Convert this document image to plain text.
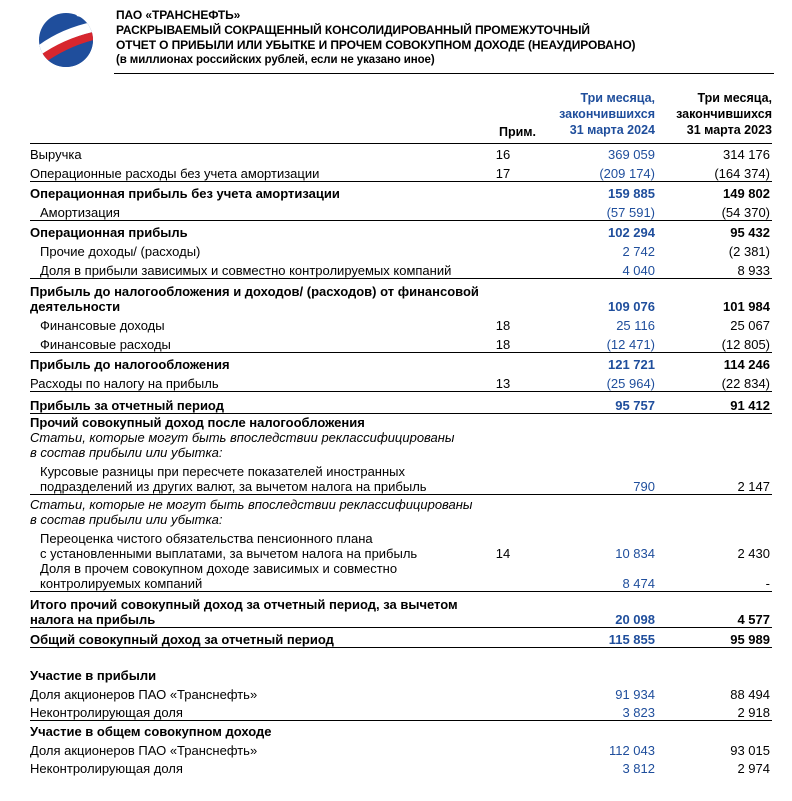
ПАО «ТРАНСНЕФТЬ»
РАСКРЫВАЕМЫЙ СОКРАЩЕННЫЙ КОНСОЛИДИРОВАННЫЙ ПРОМЕЖУТОЧНЫЙ
ОТЧЕТ О ПРИБЫЛИ ИЛИ УБЫТКЕ И ПРОЧЕМ СОВОКУПНОМ ДОХОДЕ (НЕАУДИРОВАНО)
(в миллионах российских рублей, если не указано иное)
Прим.
Три месяца,
закончившихся
31 марта 2024
Три месяца,
закончившихся
31 марта 2023
Выручка	16	369 059	314 176
Операционные расходы без учета амортизации	17	(209 174)	(164 374)
Операционная прибыль без учета амортизации	159 885	149 802
Амортизация	(57 591)	(54 370)
Операционная прибыль	102 294	95 432
Прочие доходы/ (расходы)	2 742	(2 381)
Доля в прибыли зависимых и совместно контролируемых компаний	4 040	8 933
Прибыль до налогообложения и доходов/ (расходов) от финансовой
деятельности	109 076	101 984
Финансовые доходы	18	25 116	25 067
Финансовые расходы	18	(12 471)	(12 805)
Прибыль до налогообложения	121 721	114 246
Расходы по налогу на прибыль	13	(25 964)	(22 834)
Прибыль за отчетный период	95 757	91 412
Прочий совокупный доход после налогообложения
Статьи, которые могут быть впоследствии реклассифицированы
в состав прибыли или убытка:
Курсовые разницы при пересчете показателей иностранных
подразделений из других валют, за вычетом налога на прибыль	790	2 147
Статьи, которые не могут быть впоследствии реклассифицированы
в состав прибыли или убытка:
Переоценка чистого обязательства пенсионного плана
с установленными выплатами, за вычетом налога на прибыль	14	10 834	2 430
Доля в прочем совокупном доходе зависимых и совместно
контролируемых компаний	8 474	-
Итого прочий совокупный доход за отчетный период, за вычетом
налога на прибыль	20 098	4 577
Общий совокупный доход за отчетный период	115 855	95 989
Участие в прибыли
Доля акционеров ПАО «Транснефть»	91 934	88 494
Неконтролирующая доля	3 823	2 918
Участие в общем совокупном доходе
Доля акционеров ПАО «Транснефть»	112 043	93 015
Неконтролирующая доля	3 812	2 974
